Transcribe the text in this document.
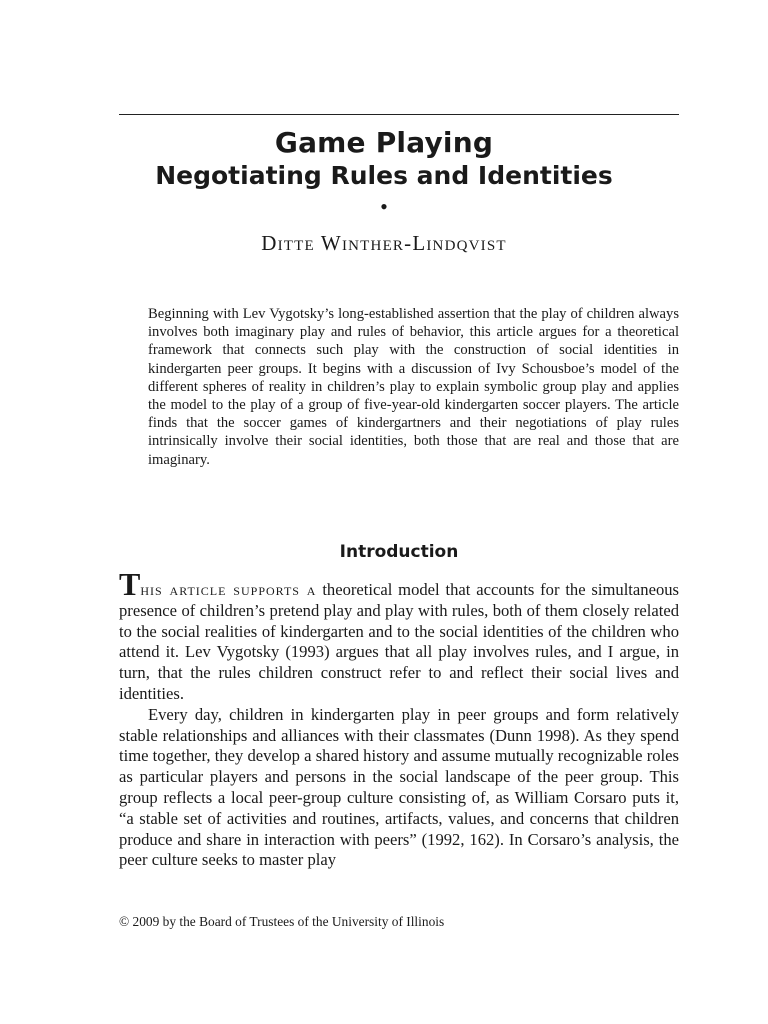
Game Playing
Negotiating Rules and Identities
•
Ditte Winther-Lindqvist

Beginning with Lev Vygotsky’s long-established assertion that the play of children always involves both imaginary play and rules of behavior, this article argues for a theoretical framework that connects such play with the construction of social identities in kindergarten peer groups. It begins with a discussion of Ivy Schousboe’s model of the different spheres of reality in children’s play to explain symbolic group play and applies the model to the play of a group of five-year-old kindergarten soccer players. The article finds that the soccer games of kindergartners and their negotiations of play rules intrinsically involve their social identities, both those that are real and those that are imaginary.

Introduction

This article supports a theoretical model that accounts for the simultaneous presence of children’s pretend play and play with rules, both of them closely related to the social realities of kindergarten and to the social identities of the children who attend it. Lev Vygotsky (1993) argues that all play involves rules, and I argue, in turn, that the rules children construct refer to and reflect their social lives and identities.

Every day, children in kindergarten play in peer groups and form relatively stable relationships and alliances with their classmates (Dunn 1998). As they spend time together, they develop a shared history and assume mutually recognizable roles as particular players and persons in the social landscape of the peer group. This group reflects a local peer-group culture consisting of, as William Corsaro puts it, “a stable set of activities and routines, artifacts, values, and concerns that children produce and share in interaction with peers” (1992, 162). In Corsaro’s analysis, the peer culture seeks to master play

© 2009 by the Board of Trustees of the University of Illinois
